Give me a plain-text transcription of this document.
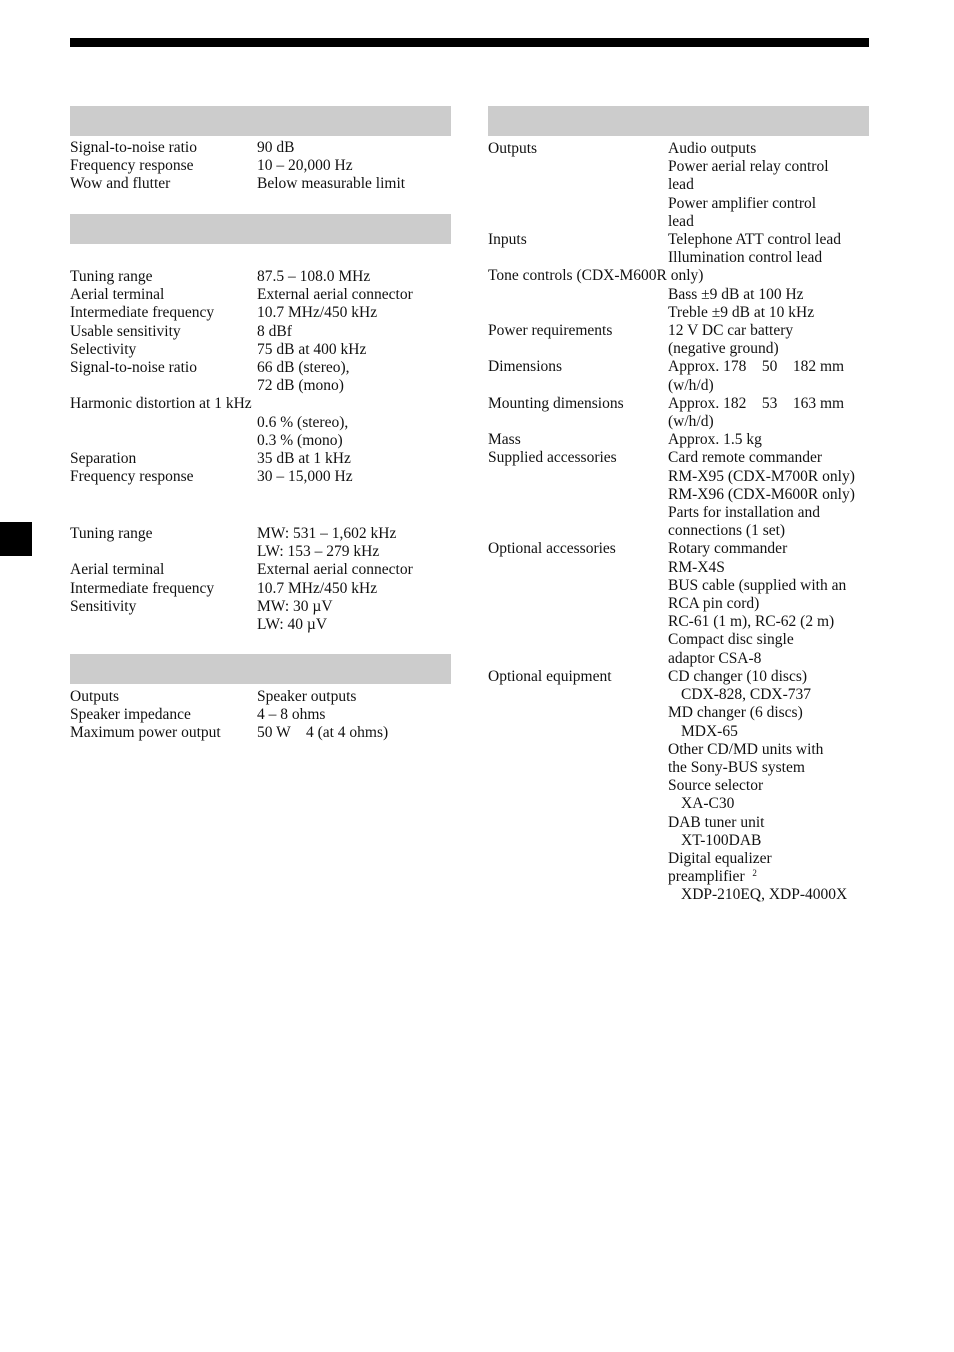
Signal-to-noise ratio	90 dB
Frequency response	10 – 20,000 Hz
Wow and flutter	Below measurable limit
Tuning range	87.5 – 108.0 MHz
Aerial terminal	External aerial connector
Intermediate frequency	10.7 MHz/450 kHz
Usable sensitivity	8 dBf
Selectivity	75 dB at 400 kHz
Signal-to-noise ratio	66 dB (stereo),
72 dB (mono)
Harmonic distortion at 1 kHz
0.6 % (stereo),
0.3 % (mono)
Separation	35 dB at 1 kHz
Frequency response	30 – 15,000 Hz
Tuning range	MW: 531 – 1,602 kHz
LW: 153 – 279 kHz
Aerial terminal	External aerial connector
Intermediate frequency	10.7 MHz/450 kHz
Sensitivity	MW: 30 µV
LW: 40 µV
Outputs	Speaker outputs
Speaker impedance	4 – 8 ohms
Maximum power output	50 W    4 (at 4 ohms)
Outputs	Audio outputs
Power aerial relay control
lead
Power amplifier control
lead
Inputs	Telephone ATT control lead
Illumination control lead
Tone controls (CDX-M600R only)
Bass ±9 dB at 100 Hz
Treble ±9 dB at 10 kHz
Power requirements	12 V DC car battery
(negative ground)
Dimensions	Approx. 178    50    182 mm
(w/h/d)
Mounting dimensions	Approx. 182    53    163 mm
(w/h/d)
Mass	Approx. 1.5 kg
Supplied accessories	Card remote commander
RM-X95 (CDX-M700R only)
RM-X96 (CDX-M600R only)
Parts for installation and
connections (1 set)
Optional accessories	Rotary commander
RM-X4S
BUS cable (supplied with an
RCA pin cord)
RC-61 (1 m), RC-62 (2 m)
Compact disc single
adaptor CSA-8
Optional equipment	CD changer (10 discs)
CDX-828, CDX-737
MD changer (6 discs)
MDX-65
Other CD/MD units with
the Sony-BUS system
Source selector
XA-C30
DAB tuner unit
XT-100DAB
Digital equalizer
preamplifier  $^2$
XDP-210EQ, XDP-4000X
